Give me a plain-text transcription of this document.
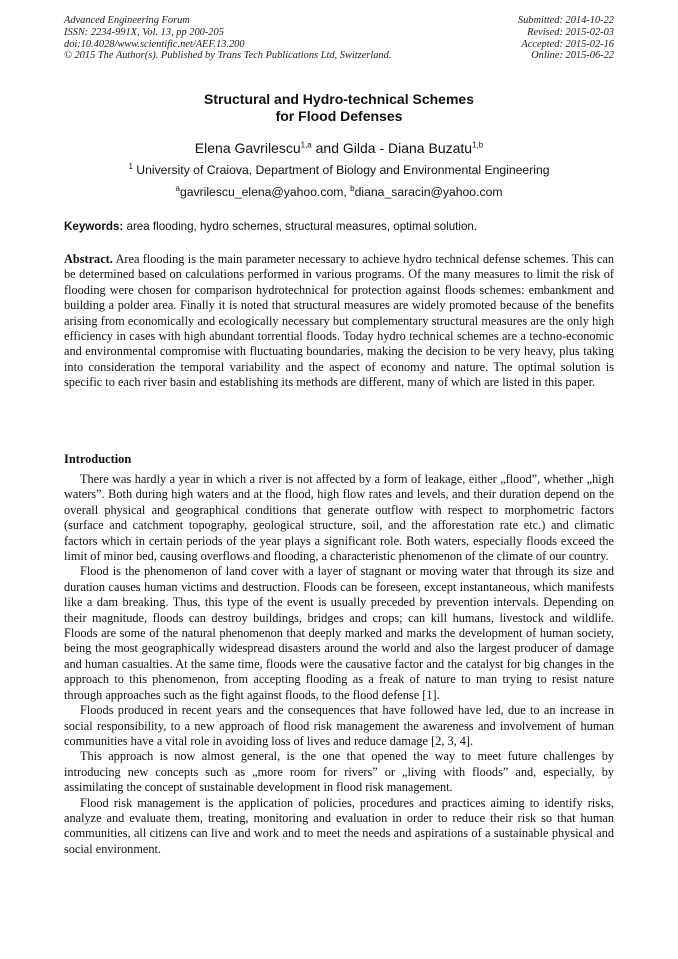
Advanced Engineering Forum
ISSN: 2234-991X, Vol. 13, pp 200-205
doi:10.4028/www.scientific.net/AEF.13.200
© 2015 The Author(s). Published by Trans Tech Publications Ltd, Switzerland.
Submitted: 2014-10-22
Revised: 2015-02-03
Accepted: 2015-02-16
Online: 2015-06-22
Structural and Hydro-technical Schemes
for Flood Defenses
Elena Gavrilescu$^{1,a}$ and Gilda - Diana Buzatu$^{1,b}$
$^1$ University of Craiova, Department of Biology and Environmental Engineering
$^a$gavrilescu_elena@yahoo.com, $^b$diana_saracin@yahoo.com
Keywords: area flooding, hydro schemes, structural measures, optimal solution.

Abstract. Area flooding is the main parameter necessary to achieve hydro technical defense schemes. This can be determined based on calculations performed in various programs. Of the many measures to limit the risk of flooding were chosen for comparison hydrotechnical for protection against floods schemes: embankment and building a polder area. Finally it is noted that structural measures are widely promoted because of the benefits arising from economically and ecologically necessary but complementary structural measures are the only high efficiency in cases with high abundant torrential floods. Today hydro technical schemes are a techno-economic and environmental compromise with fluctuating boundaries, making the decision to be very heavy, plus taking into consideration the temporal variability and the aspect of economy and nature. The optimal solution is specific to each river basin and establishing its methods are different, many of which are listed in this paper.

Introduction

There was hardly a year in which a river is not affected by a form of leakage, either „flood”, whether „high waters”. Both during high waters and at the flood, high flow rates and levels, and their duration depend on the overall physical and geographical conditions that generate outflow with respect to morphometric factors (surface and catchment topography, geological structure, soil, and the afforestation rate etc.) and climatic factors which in certain periods of the year plays a significant role. Both waters, especially floods exceed the limit of minor bed, causing overflows and flooding, a characteristic phenomenon of the climate of our country.

Flood is the phenomenon of land cover with a layer of stagnant or moving water that through its size and duration causes human victims and destruction. Floods can be foreseen, except instantaneous, which manifests like a dam breaking. Thus, this type of the event is usually preceded by prevention intervals. Depending on their magnitude, floods can destroy buildings, bridges and crops; can kill humans, livestock and wildlife. Floods are some of the natural phenomenon that deeply marked and marks the development of human society, being the most geographically widespread disasters around the world and also the largest producer of damage and human casualties. At the same time, floods were the causative factor and the catalyst for big changes in the approach to this phenomenon, from accepting flooding as a freak of nature to man trying to resist nature through approaches such as the fight against floods, to the flood defense [1].

Floods produced in recent years and the consequences that have followed have led, due to an increase in social responsibility, to a new approach of flood risk management the awareness and involvement of human communities have a vital role in avoiding loss of lives and reduce damage [2, 3, 4].

This approach is now almost general, is the one that opened the way to meet future challenges by introducing new concepts such as „more room for rivers” or „living with floods” and, especially, by assimilating the concept of sustainable development in flood risk management.

Flood risk management is the application of policies, procedures and practices aiming to identify risks, analyze and evaluate them, treating, monitoring and evaluation in order to reduce their risk so that human communities, all citizens can live and work and to meet the needs and aspirations of a sustainable physical and social environment.
